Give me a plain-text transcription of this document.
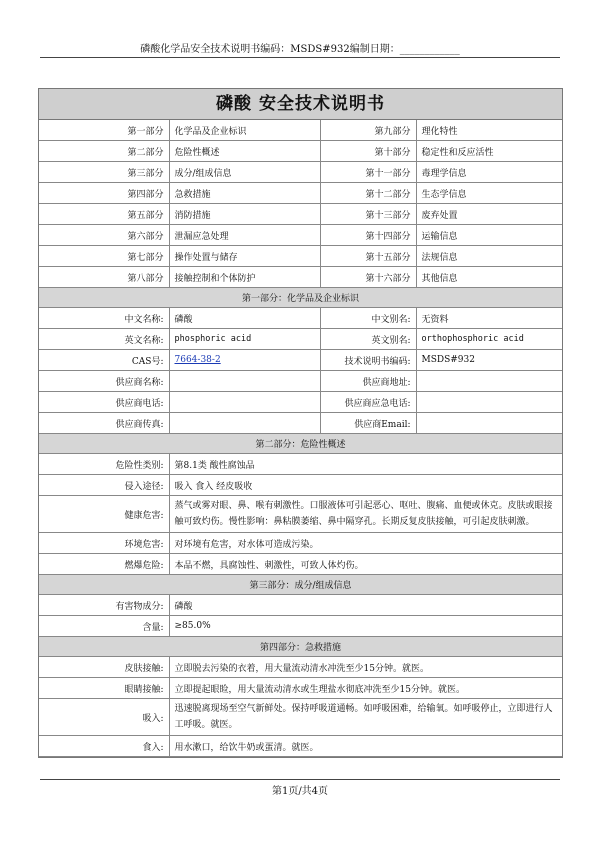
磷酸化学品安全技术说明书编码：MSDS#932编制日期：____________
磷酸 安全技术说明书
第一部分	化学品及企业标识	第九部分	理化特性
第二部分	危险性概述	第十部分	稳定性和反应活性
第三部分	成分/组成信息	第十一部分	毒理学信息
第四部分	急救措施	第十二部分	生态学信息
第五部分	消防措施	第十三部分	废弃处置
第六部分	泄漏应急处理	第十四部分	运输信息
第七部分	操作处置与储存	第十五部分	法规信息
第八部分	接触控制和个体防护	第十六部分	其他信息
第一部分：化学品及企业标识			
中文名称:	磷酸	中文别名:	无资料
英文名称:	phosphoric acid	英文别名:	orthophosphoric acid
CAS号:	7664-38-2	技术说明书编码:	MSDS#932
供应商名称:		供应商地址:	
供应商电话:		供应商应急电话:	
供应商传真:		供应商Email:	
第二部分：危险性概述	
危险性类别:	第8.1类 酸性腐蚀品
侵入途径:	吸入 食入 经皮吸收
健康危害:	蒸气或雾对眼、鼻、喉有刺激性。口服液体可引起恶心、呕吐、腹痛、血便或休克。皮肤或眼接触可致灼伤。慢性影响：鼻粘膜萎缩、鼻中隔穿孔。长期反复皮肤接触，可引起皮肤刺激。
环境危害:	对环境有危害，对水体可造成污染。
燃爆危险:	本品不燃，具腐蚀性、刺激性，可致人体灼伤。
第三部分：成分/组成信息	
有害物成分:	磷酸
含量:	≥85.0%
第四部分：急救措施	
皮肤接触:	立即脱去污染的衣着，用大量流动清水冲洗至少15分钟。就医。
眼睛接触:	立即提起眼睑，用大量流动清水或生理盐水彻底冲洗至少15分钟。就医。
吸入:	迅速脱离现场至空气新鲜处。保持呼吸道通畅。如呼吸困难，给输氧。如呼吸停止，立即进行人工呼吸。就医。
食入:	用水漱口，给饮牛奶或蛋清。就医。
第1页/共4页
